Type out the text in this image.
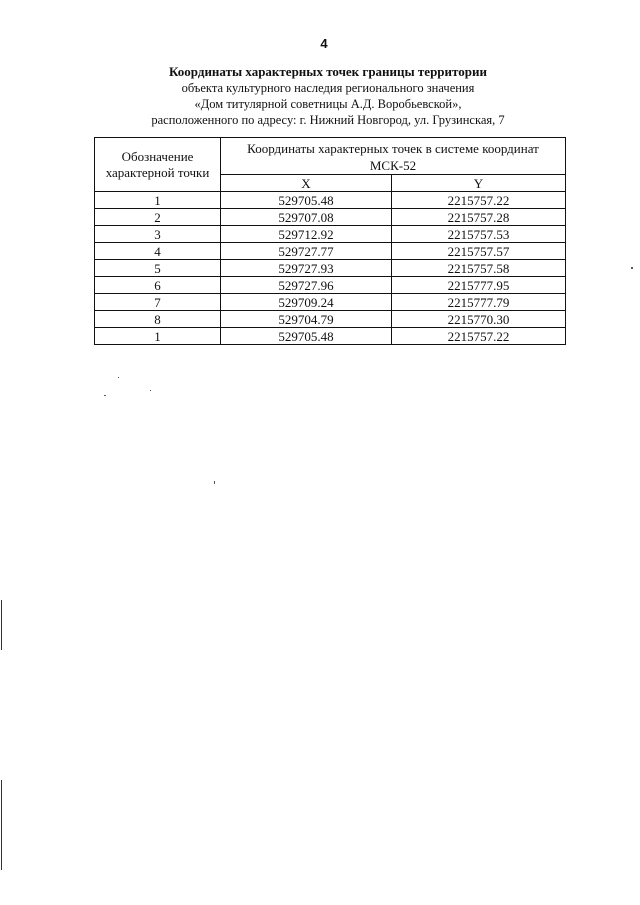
4
Координаты характерных точек границы территории
объекта культурного наследия регионального значения
«Дом титулярной советницы А.Д. Воробьевской»,
расположенного по адресу: г. Нижний Новгород, ул. Грузинская, 7
Обозначение характерной точки	Координаты характерных точек в системе координат МСК-52	
	X	Y
1	529705.48	2215757.22
2	529707.08	2215757.28
3	529712.92	2215757.53
4	529727.77	2215757.57
5	529727.93	2215757.58
6	529727.96	2215777.95
7	529709.24	2215777.79
8	529704.79	2215770.30
1	529705.48	2215757.22
